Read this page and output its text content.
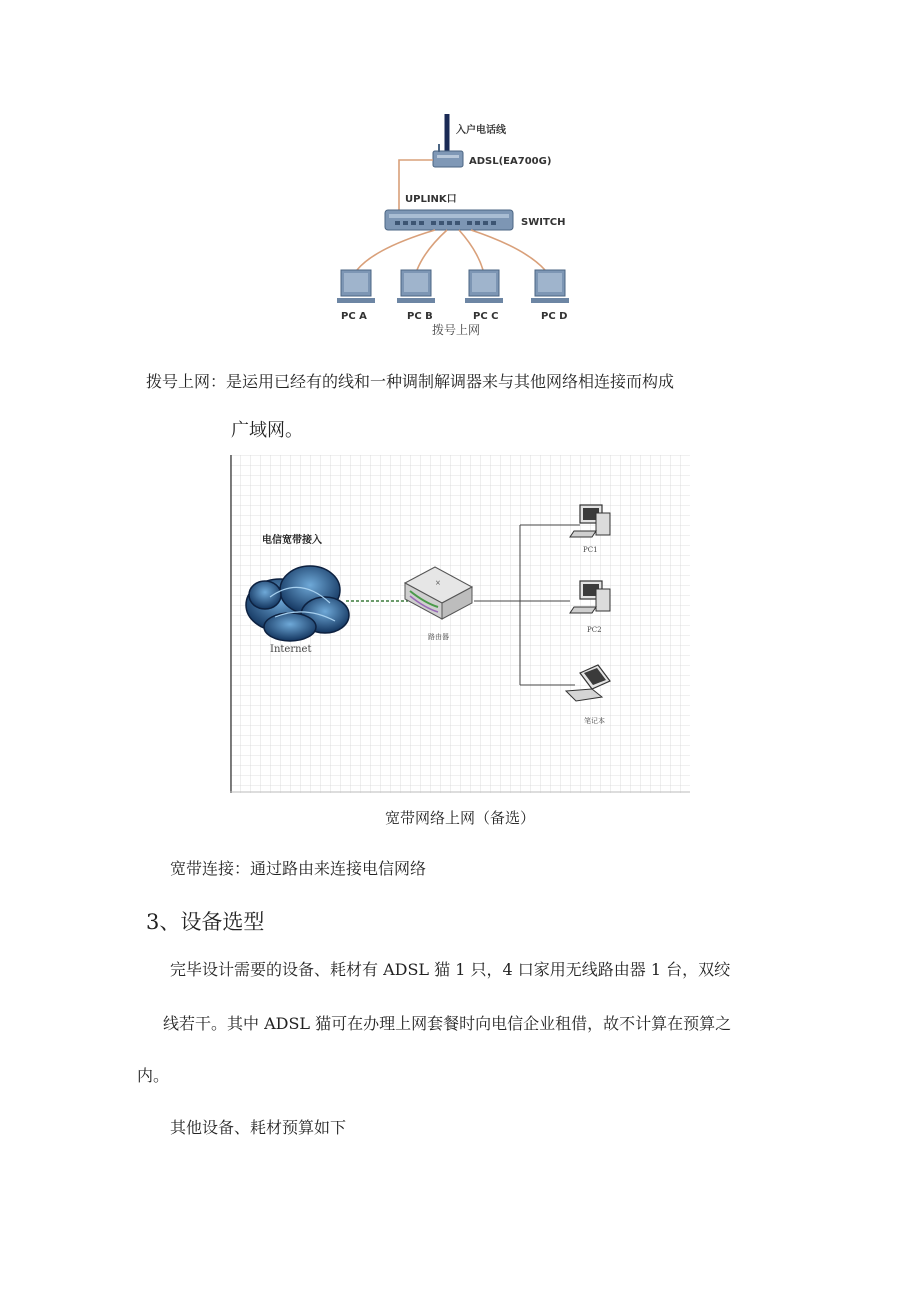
入户电话线
ADSL(EA700G)
UPLINK口
SWITCH
PC A	PC B	PC C	PC D
拨号上网
拨号上网：是运用已经有的线和一种调制解调器来与其他网络相连接而构成
广域网。
×
电信宽带接入
Internet
路由器
PC1
PC2
笔记本
宽带网络上网（备选）
宽带连接：通过路由来连接电信网络
3、设备选型
完毕设计需要的设备、耗材有 ADSL 猫 1 只，4 口家用无线路由器 1 台，双绞
线若干。其中 ADSL 猫可在办理上网套餐时向电信企业租借，故不计算在预算之
内。
其他设备、耗材预算如下
